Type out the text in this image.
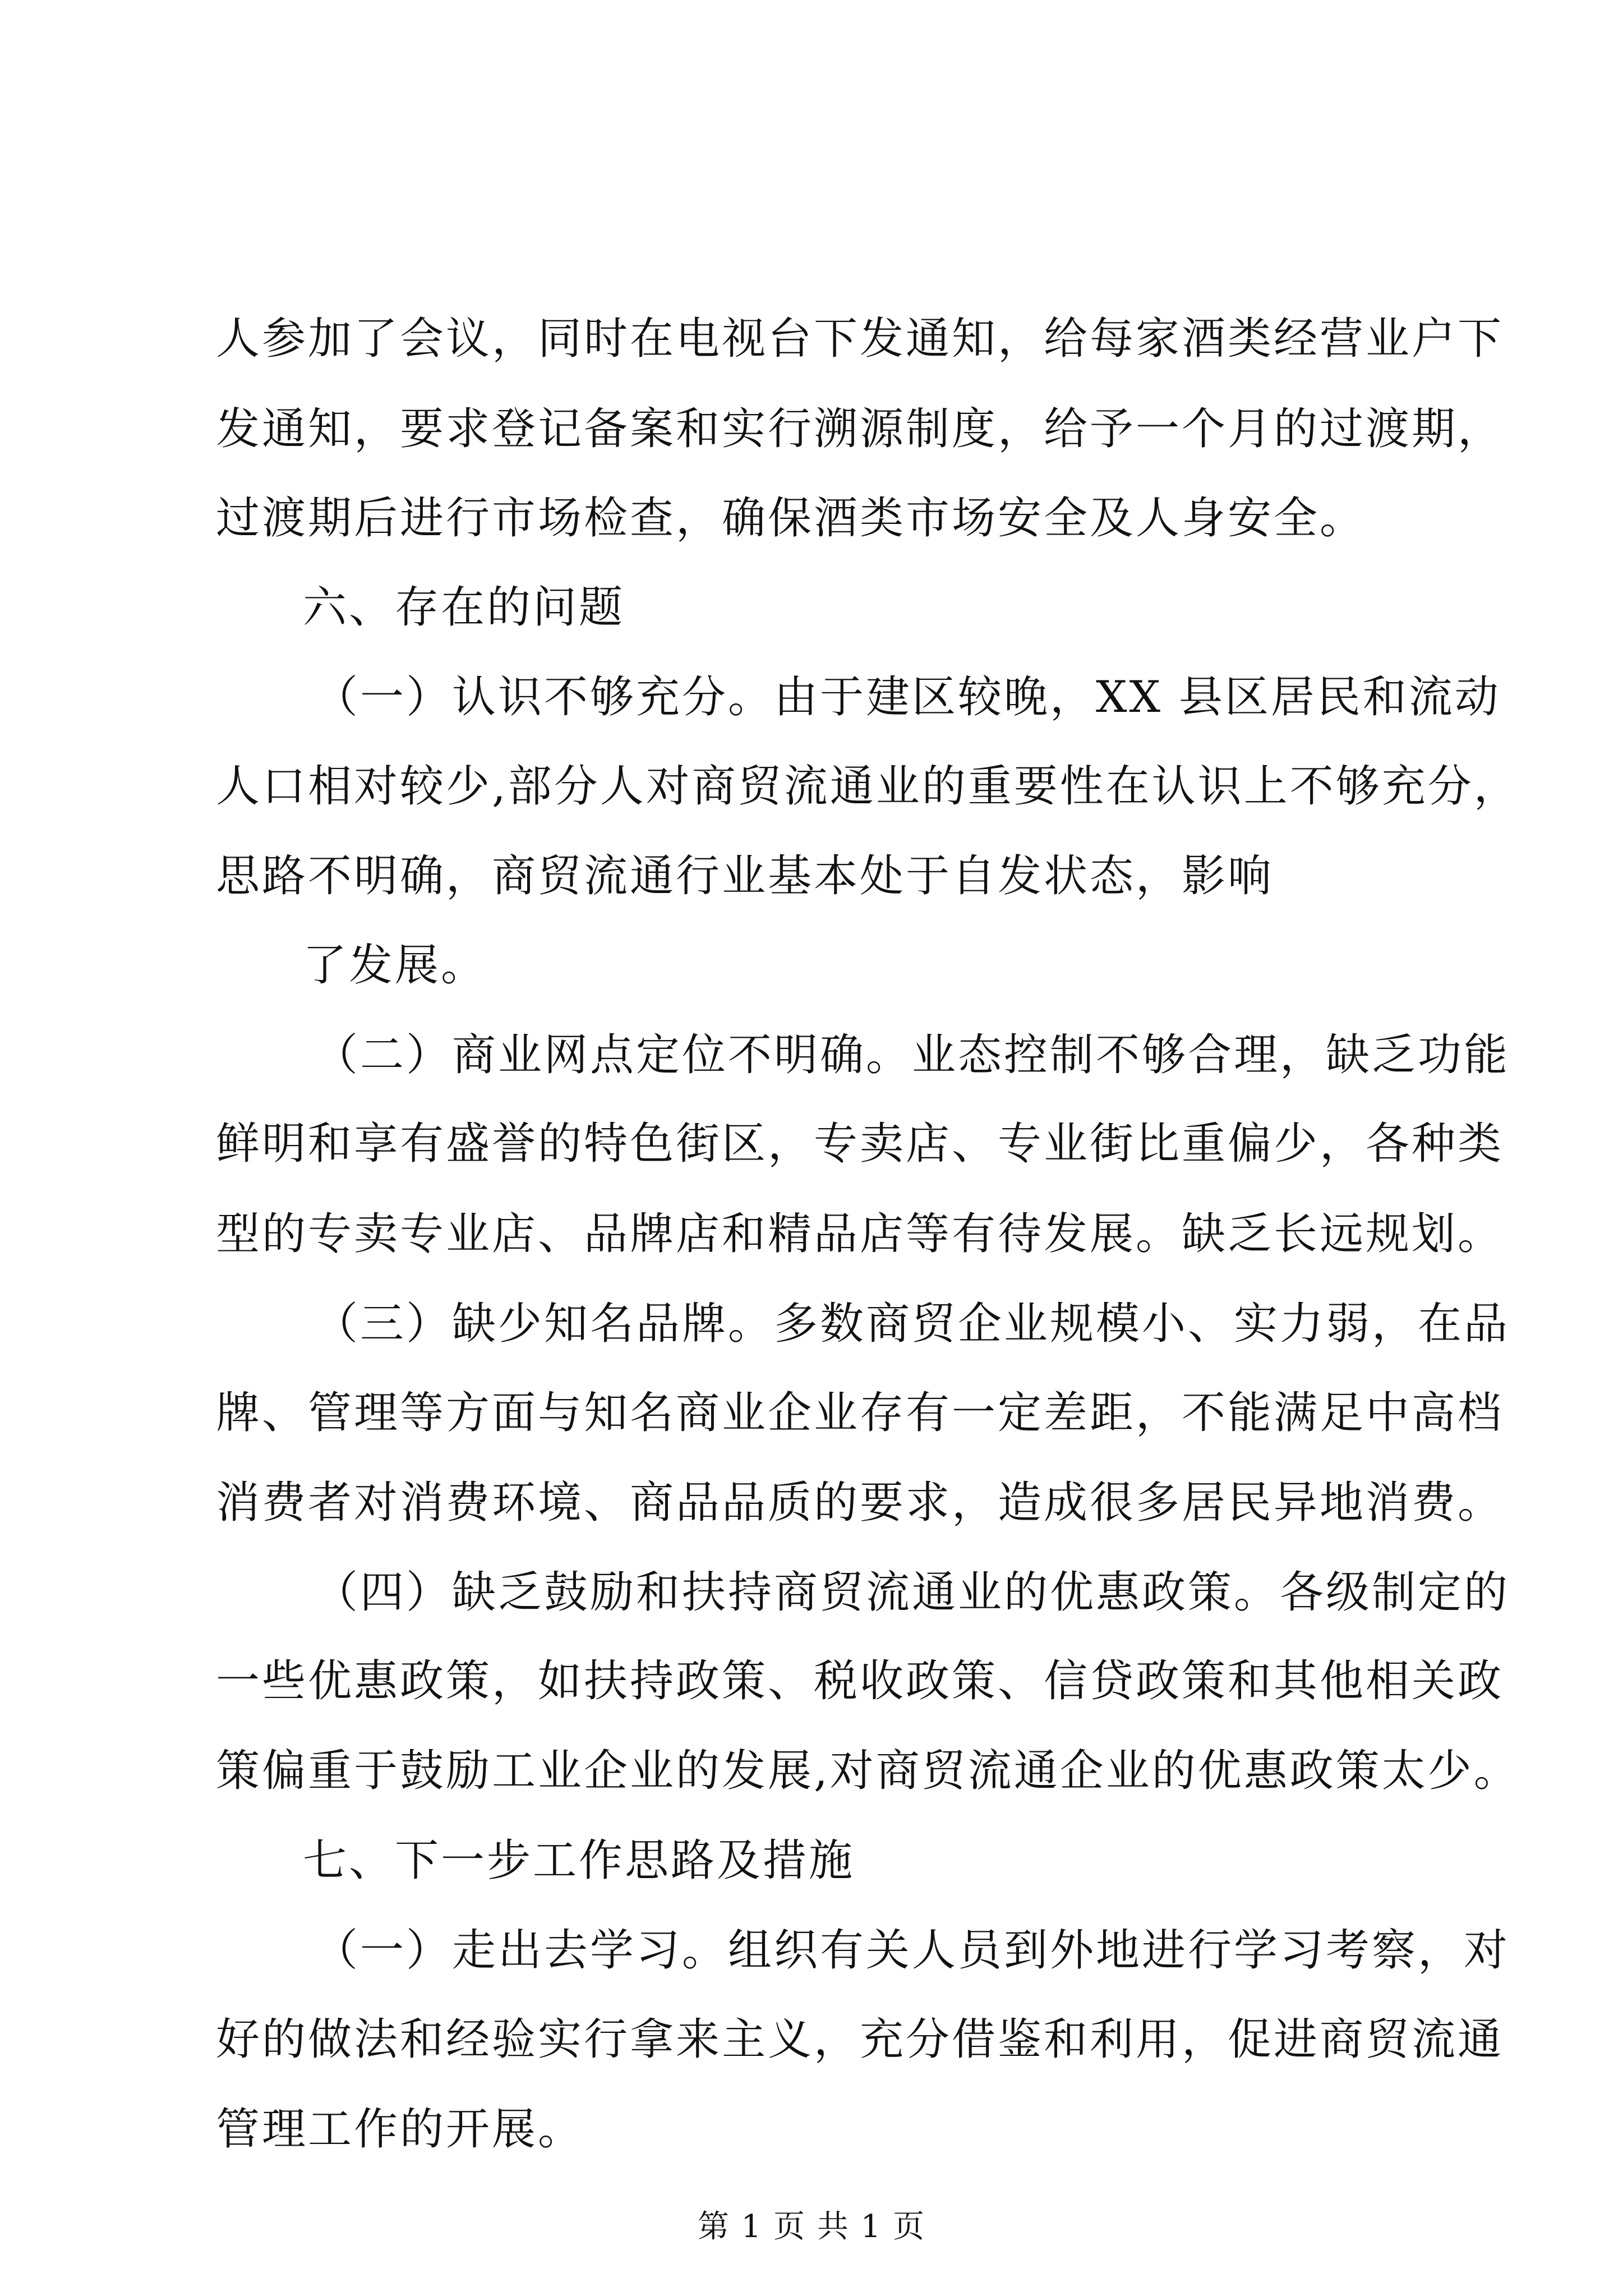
人参加了会议，同时在电视台下发通知，给每家酒类经营业户下
发通知，要求登记备案和实行溯源制度，给予一个月的过渡期，
过渡期后进行市场检查，确保酒类市场安全及人身安全。
六、存在的问题
（一）认识不够充分。由于建区较晚，XX 县区居民和流动
人口相对较少,部分人对商贸流通业的重要性在认识上不够充分，
思路不明确，商贸流通行业基本处于自发状态，影响
了发展。
（二）商业网点定位不明确。业态控制不够合理，缺乏功能
鲜明和享有盛誉的特色街区，专卖店、专业街比重偏少，各种类
型的专卖专业店、品牌店和精品店等有待发展。缺乏长远规划。
（三）缺少知名品牌。多数商贸企业规模小、实力弱，在品
牌、管理等方面与知名商业企业存有一定差距，不能满足中高档
消费者对消费环境、商品品质的要求，造成很多居民异地消费。
（四）缺乏鼓励和扶持商贸流通业的优惠政策。各级制定的
一些优惠政策，如扶持政策、税收政策、信贷政策和其他相关政
策偏重于鼓励工业企业的发展,对商贸流通企业的优惠政策太少。
七、下一步工作思路及措施
（一）走出去学习。组织有关人员到外地进行学习考察，对
好的做法和经验实行拿来主义，充分借鉴和利用，促进商贸流通
管理工作的开展。
第 1 页 共 1 页
